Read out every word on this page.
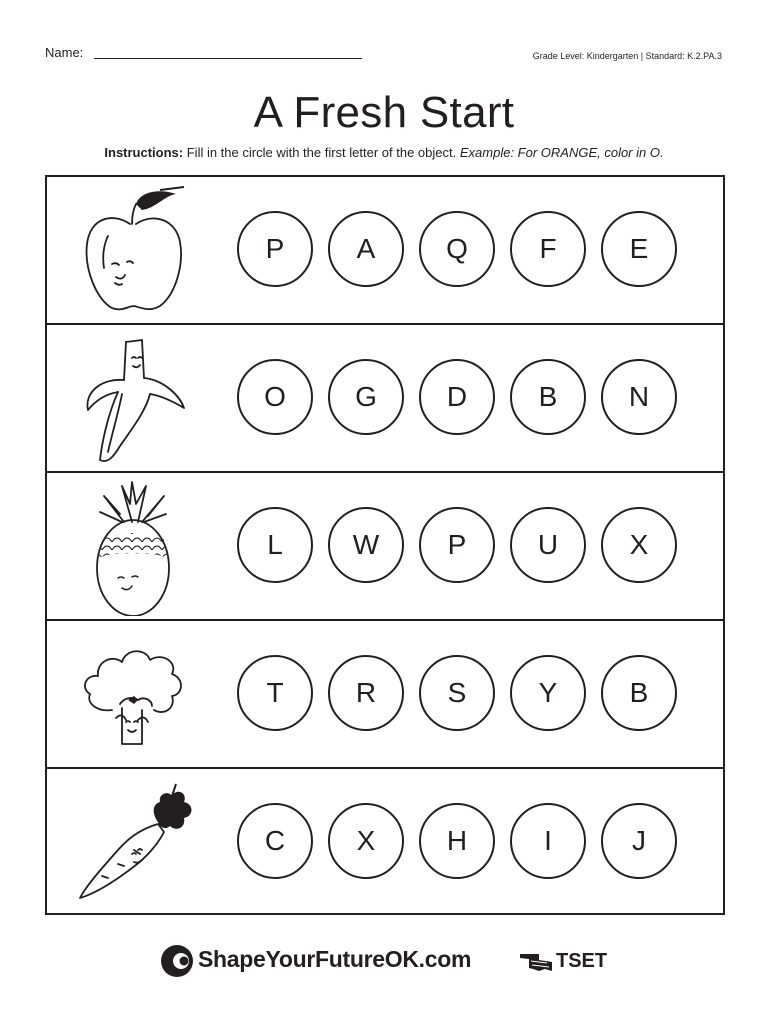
Name:	Grade Level: Kindergarten | Standard: K.2.PA.3
A Fresh Start
Instructions: Fill in the circle with the first letter of the object. Example: For ORANGE, color in O.
P	A	Q	F	E
O	G	D	B	N
L	W	P	U	X
T	R	S	Y	B
C	X	H	I	J
ShapeYourFutureOK.com	TSET
